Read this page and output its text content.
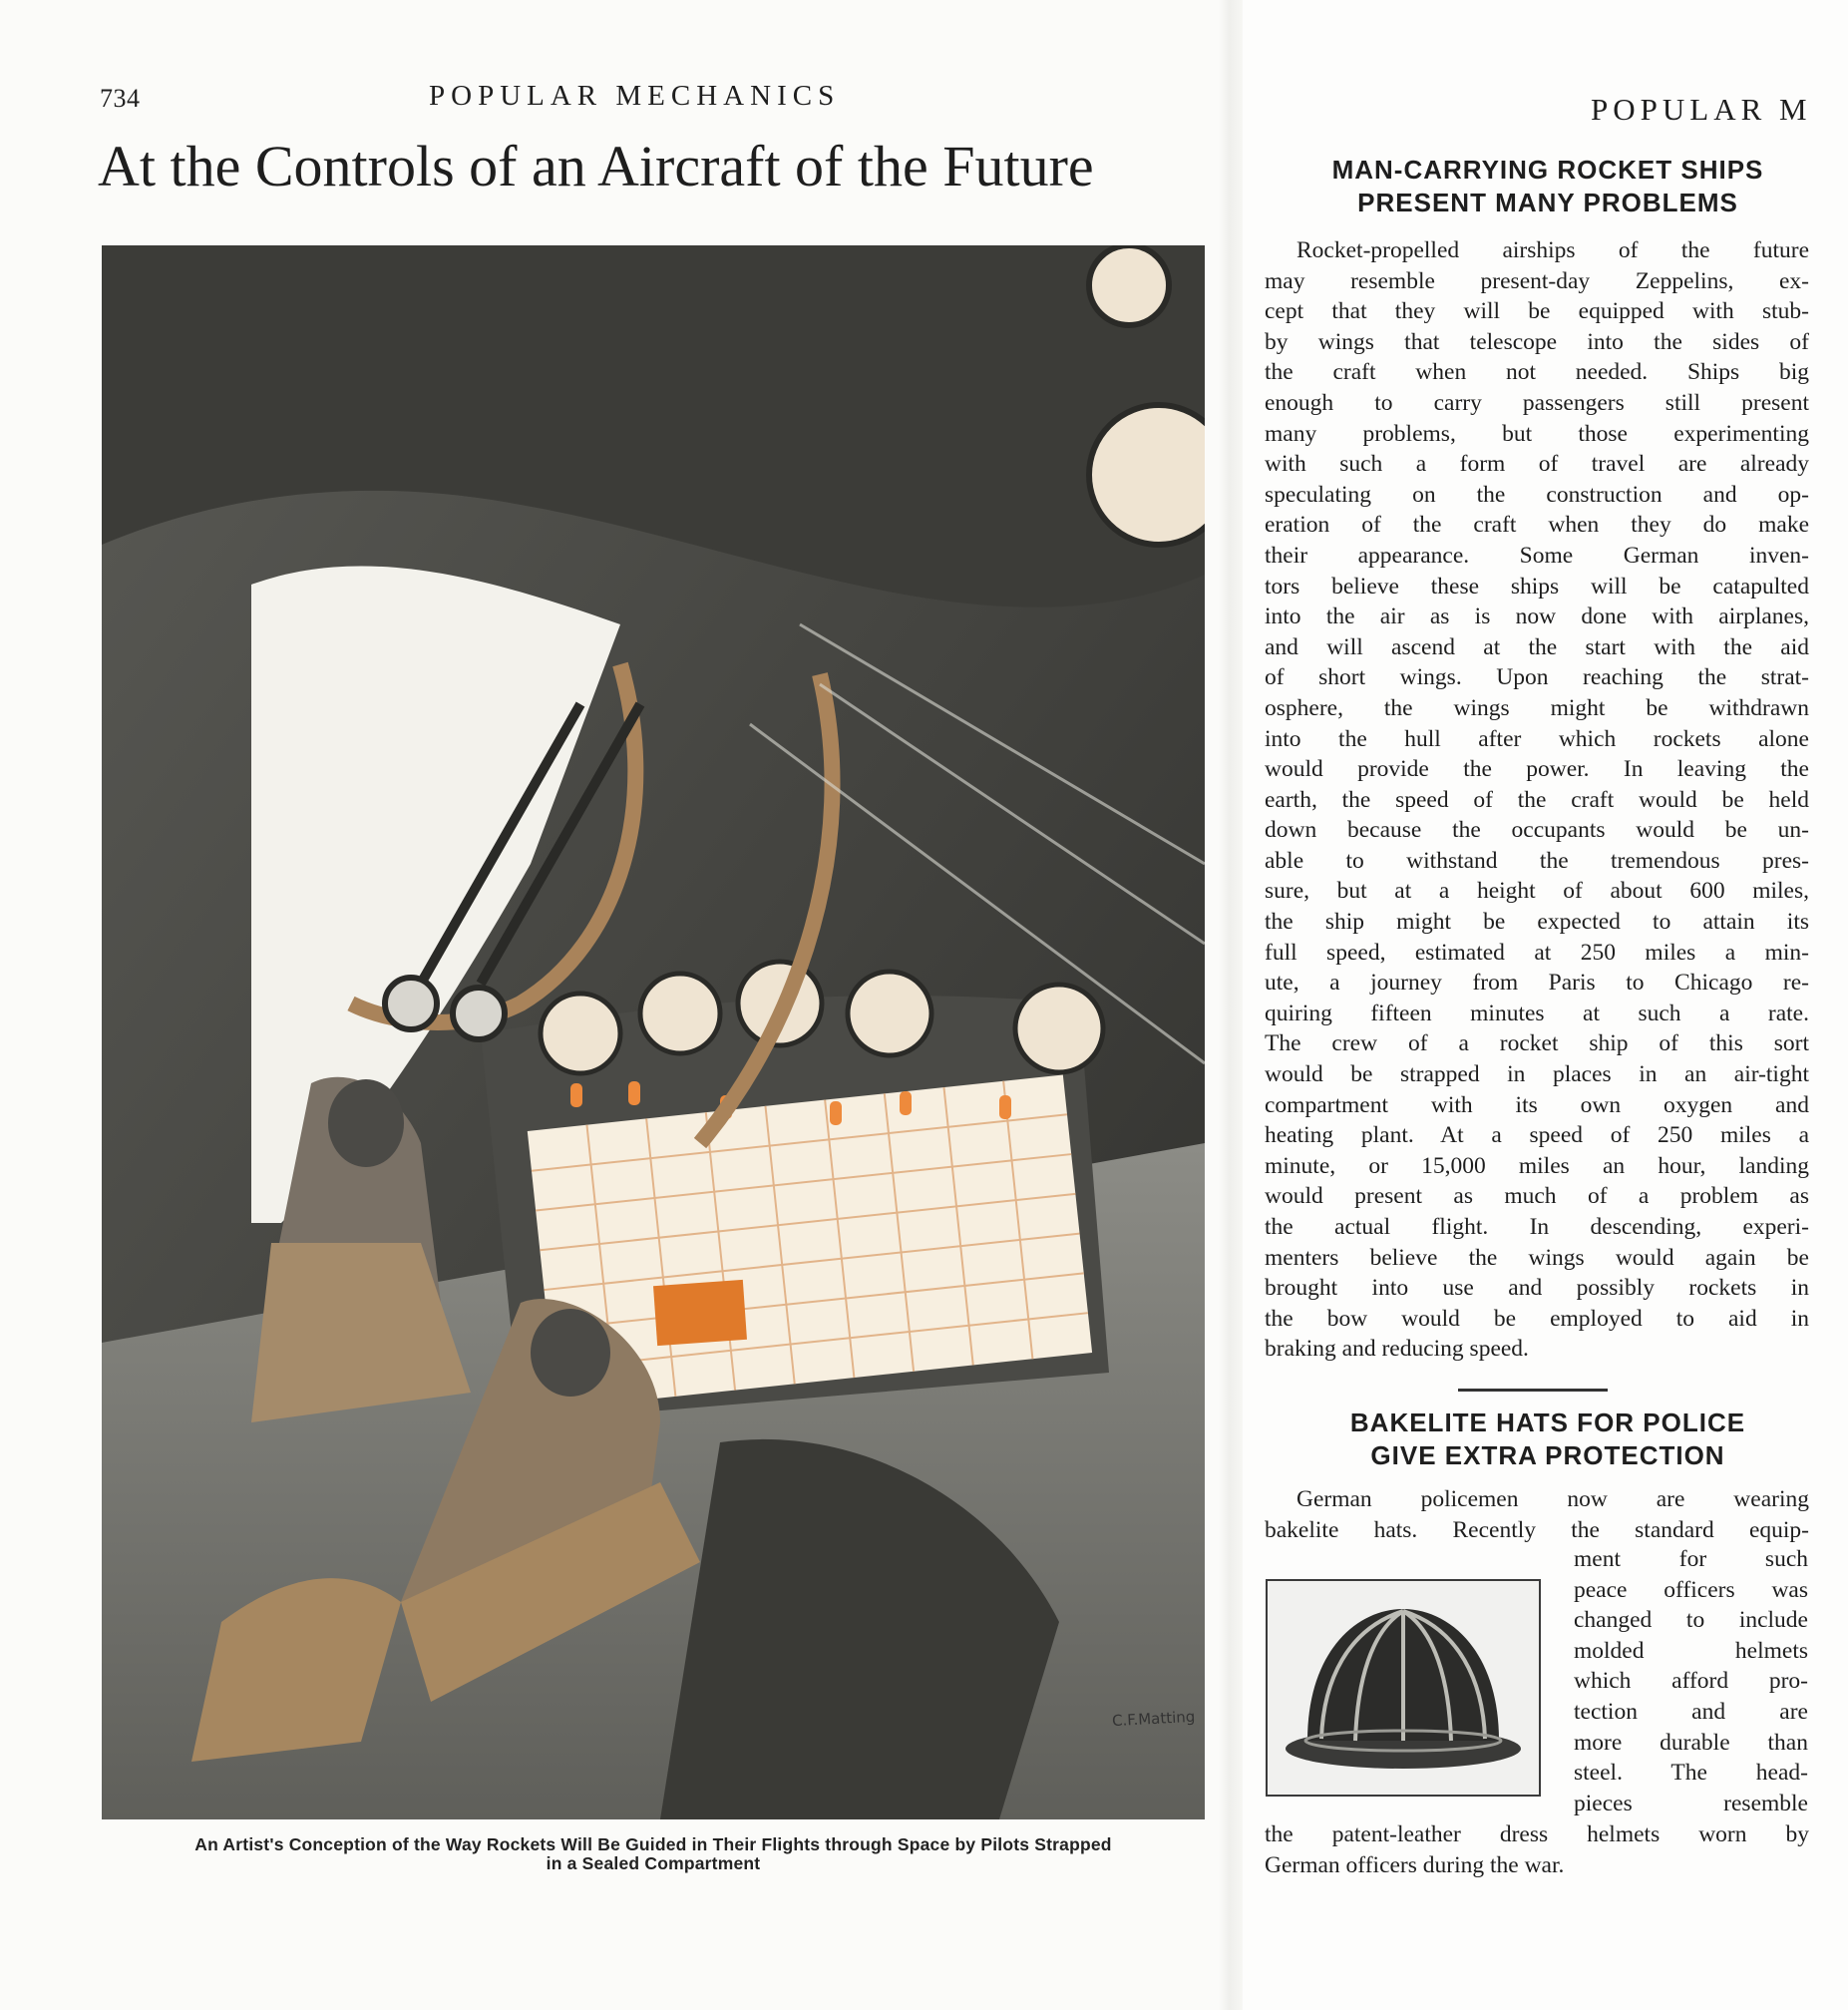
734	POPULAR MECHANICS
At the Controls of an Aircraft of the Future
C.F.Matting
An Artist's Conception of the Way Rockets Will Be Guided in Their Flights through Space by Pilots Strapped
in a Sealed Compartment
POPULAR M
MAN-CARRYING ROCKET SHIPS
PRESENT MANY PROBLEMS
Rocket-propelled airships of the future
may resemble present-day Zeppelins, ex-
cept that they will be equipped with stub-
by wings that telescope into the sides of
the craft when not needed. Ships big
enough to carry passengers still present
many problems, but those experimenting
with such a form of travel are already
speculating on the construction and op-
eration of the craft when they do make
their appearance. Some German inven-
tors believe these ships will be catapulted
into the air as is now done with airplanes,
and will ascend at the start with the aid
of short wings. Upon reaching the strat-
osphere, the wings might be withdrawn
into the hull after which rockets alone
would provide the power. In leaving the
earth, the speed of the craft would be held
down because the occupants would be un-
able to withstand the tremendous pres-
sure, but at a height of about 600 miles,
the ship might be expected to attain its
full speed, estimated at 250 miles a min-
ute, a journey from Paris to Chicago re-
quiring fifteen minutes at such a rate.
The crew of a rocket ship of this sort
would be strapped in places in an air-tight
compartment with its own oxygen and
heating plant. At a speed of 250 miles a
minute, or 15,000 miles an hour, landing
would present as much of a problem as
the actual flight. In descending, experi-
menters believe the wings would again be
brought into use and possibly rockets in
the bow would be employed to aid in
braking and reducing speed.
BAKELITE HATS FOR POLICE
GIVE EXTRA PROTECTION
German policemen now are wearing
bakelite hats. Recently the standard equip-
ment for such
peace officers was
changed to include
molded helmets
which afford pro-
tection and are
more durable than
steel. The head-
pieces resemble
the patent-leather dress helmets worn by
German officers during the war.
